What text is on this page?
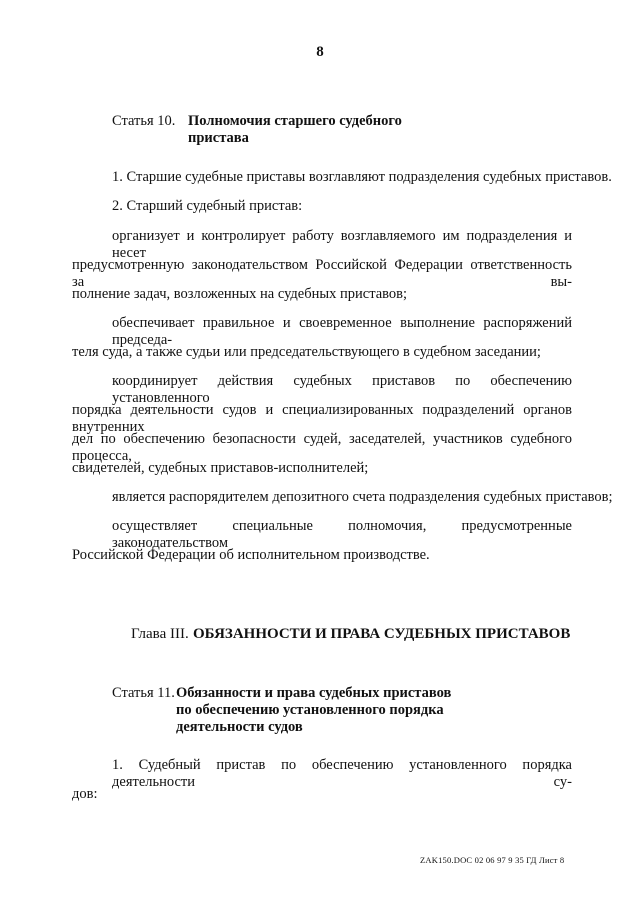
8
Статья 10. Полномочия старшего судебного
пристава
1. Старшие судебные приставы возглавляют подразделения судебных приставов.
2. Старший судебный пристав:
организует и контролирует работу возглавляемого им подразделения и несет
предусмотренную законодательством Российской Федерации ответственность за вы-
полнение задач, возложенных на судебных приставов;
обеспечивает правильное и своевременное выполнение распоряжений председа-
теля суда, а также судьи или председательствующего в судебном заседании;
координирует действия судебных приставов по обеспечению установленного
порядка деятельности судов и специализированных подразделений органов внутренних
дел по обеспечению безопасности судей, заседателей, участников судебного процесса,
свидетелей, судебных приставов-исполнителей;
является распорядителем депозитного счета подразделения судебных приставов;
осуществляет специальные полномочия, предусмотренные законодательством
Российской Федерации об исполнительном производстве.
Глава III. ОБЯЗАННОСТИ И ПРАВА СУДЕБНЫХ ПРИСТАВОВ
Статья 11. Обязанности и права судебных приставов
по обеспечению установленного порядка
деятельности судов
1. Судебный пристав по обеспечению установленного порядка деятельности су-
дов:
ZAK150.DOC 02 06 97 9 35 ГД Лист 8
